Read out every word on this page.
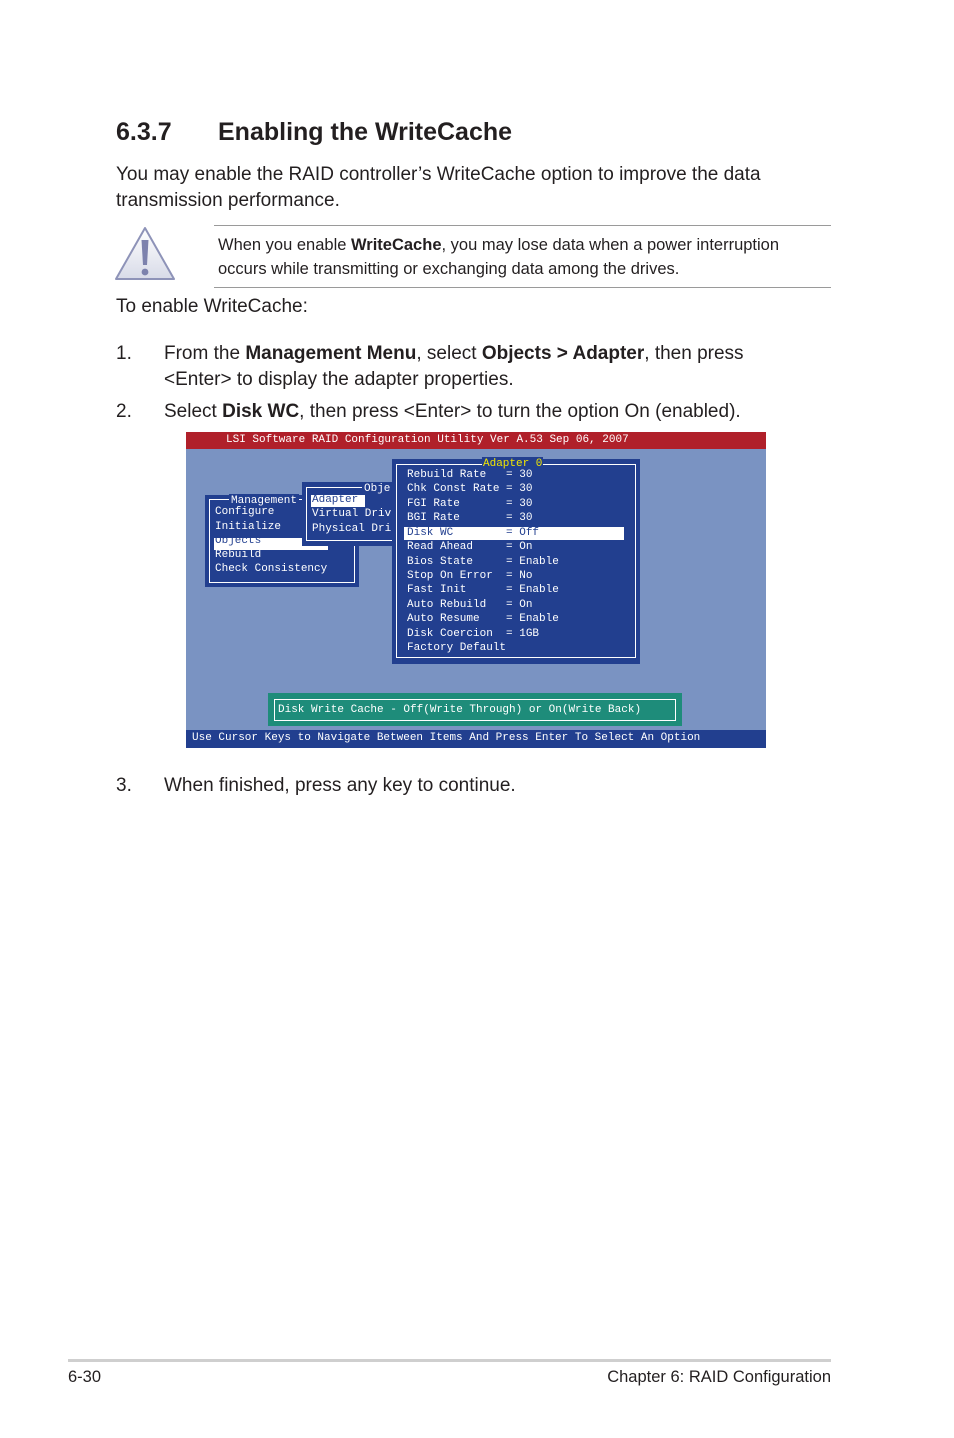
6.3.7 Enabling the WriteCache

You may enable the RAID controller’s WriteCache option to improve the data transmission performance.

When you enable WriteCache, you may lose data when a power interruption occurs while transmitting or exchanging data among the drives.

To enable WriteCache:

1. From the Management Menu, select Objects > Adapter, then press <Enter> to display the adapter properties.
2. Select Disk WC, then press <Enter> to turn the option On (enabled).
LSI Software RAID Configuration Utility Ver A.53 Sep 06, 2007
Management
Configure
Initialize
Objects
Rebuild
Check Consistency
Obje
Adapter
Virtual Driv
Physical Dri
Adapter 0
Rebuild Rate   = 30
Chk Const Rate = 30
FGI Rate       = 30
BGI Rate       = 30
Disk WC        = Off
Read Ahead     = On
Bios State     = Enable
Stop On Error  = No
Fast Init      = Enable
Auto Rebuild   = On
Auto Resume    = Enable
Disk Coercion  = 1GB
Factory Default
Disk Write Cache - Off(Write Through) or On(Write Back)
Use Cursor Keys to Navigate Between Items And Press Enter To Select An Option
3. When finished, press any key to continue.
6-30	Chapter 6: RAID Configuration
